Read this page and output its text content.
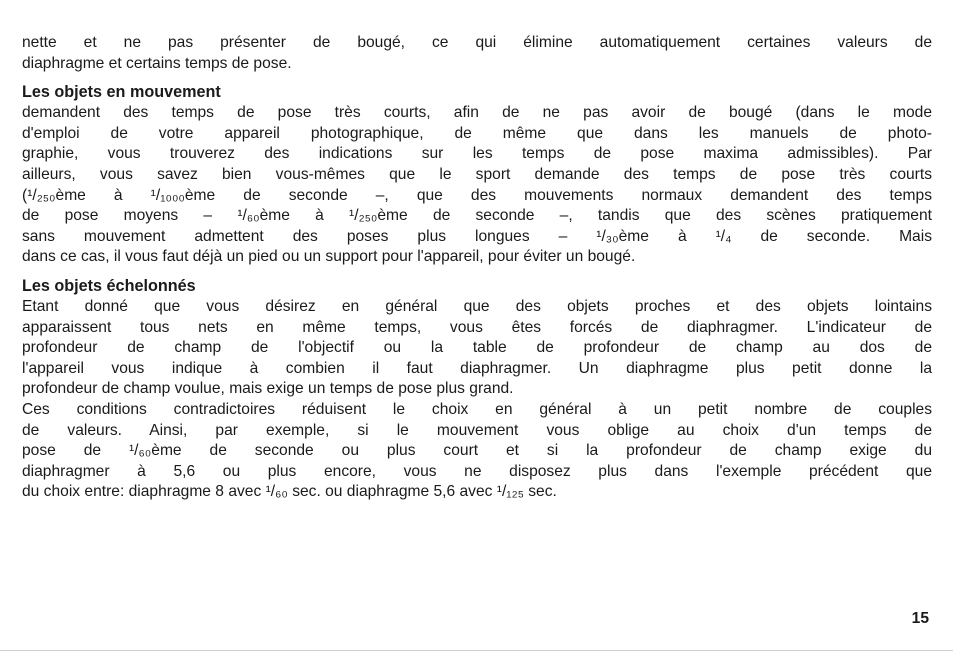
nette et ne pas présenter de bougé, ce qui élimine automatiquement certaines valeurs de
diaphragme et certains temps de pose.

Les objets en mouvement

demandent des temps de pose très courts, afin de ne pas avoir de bougé (dans le mode
d'emploi de votre appareil photographique, de même que dans les manuels de photo-
graphie, vous trouverez des indications sur les temps de pose maxima admissibles). Par
ailleurs, vous savez bien vous-mêmes que le sport demande des temps de pose très courts
(¹/₂₅₀ème à ¹/₁₀₀₀ème de seconde –, que des mouvements normaux demandent des temps
de pose moyens – ¹/₆₀ème à ¹/₂₅₀ème de seconde –, tandis que des scènes pratiquement
sans mouvement admettent des poses plus longues – ¹/₃₀ème à ¹/₄ de seconde. Mais
dans ce cas, il vous faut déjà un pied ou un support pour l'appareil, pour éviter un bougé.

Les objets échelonnés

Etant donné que vous désirez en général que des objets proches et des objets lointains
apparaissent tous nets en même temps, vous êtes forcés de diaphragmer. L'indicateur de
profondeur de champ de l'objectif ou la table de profondeur de champ au dos de
l'appareil vous indique à combien il faut diaphragmer. Un diaphragme plus petit donne la
profondeur de champ voulue, mais exige un temps de pose plus grand.

Ces conditions contradictoires réduisent le choix en général à un petit nombre de couples
de valeurs. Ainsi, par exemple, si le mouvement vous oblige au choix d'un temps de
pose de ¹/₆₀ème de seconde ou plus court et si la profondeur de champ exige du
diaphragmer à 5,6 ou plus encore, vous ne disposez plus dans l'exemple précédent que
du choix entre: diaphragme 8 avec ¹/₆₀ sec. ou diaphragme 5,6 avec ¹/₁₂₅ sec.

15
